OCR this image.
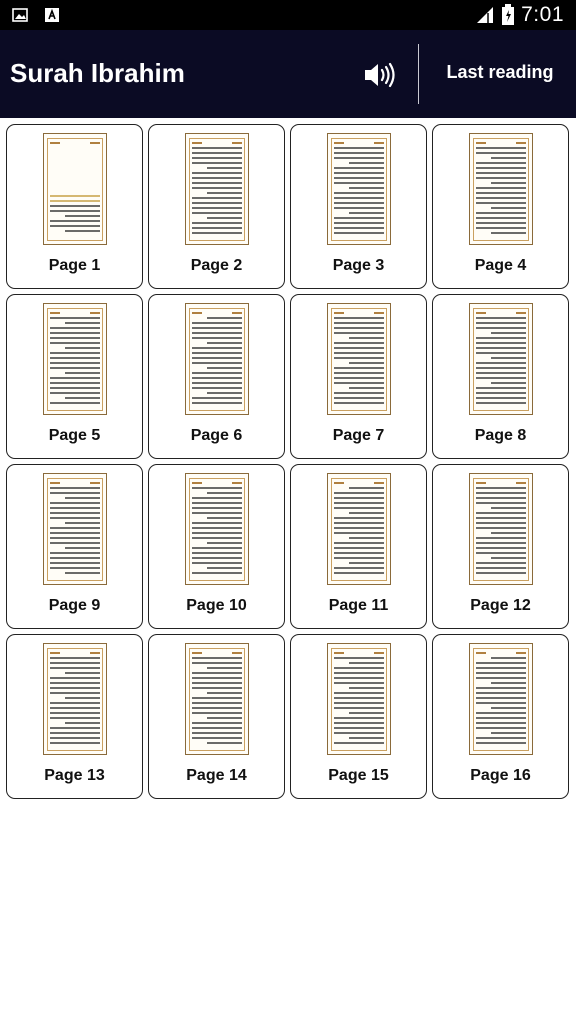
7:01
Surah Ibrahim	Last reading
Page 1	Page 2	Page 3	Page 4
Page 5	Page 6	Page 7	Page 8
Page 9	Page 10	Page 11	Page 12
Page 13	Page 14	Page 15	Page 16
